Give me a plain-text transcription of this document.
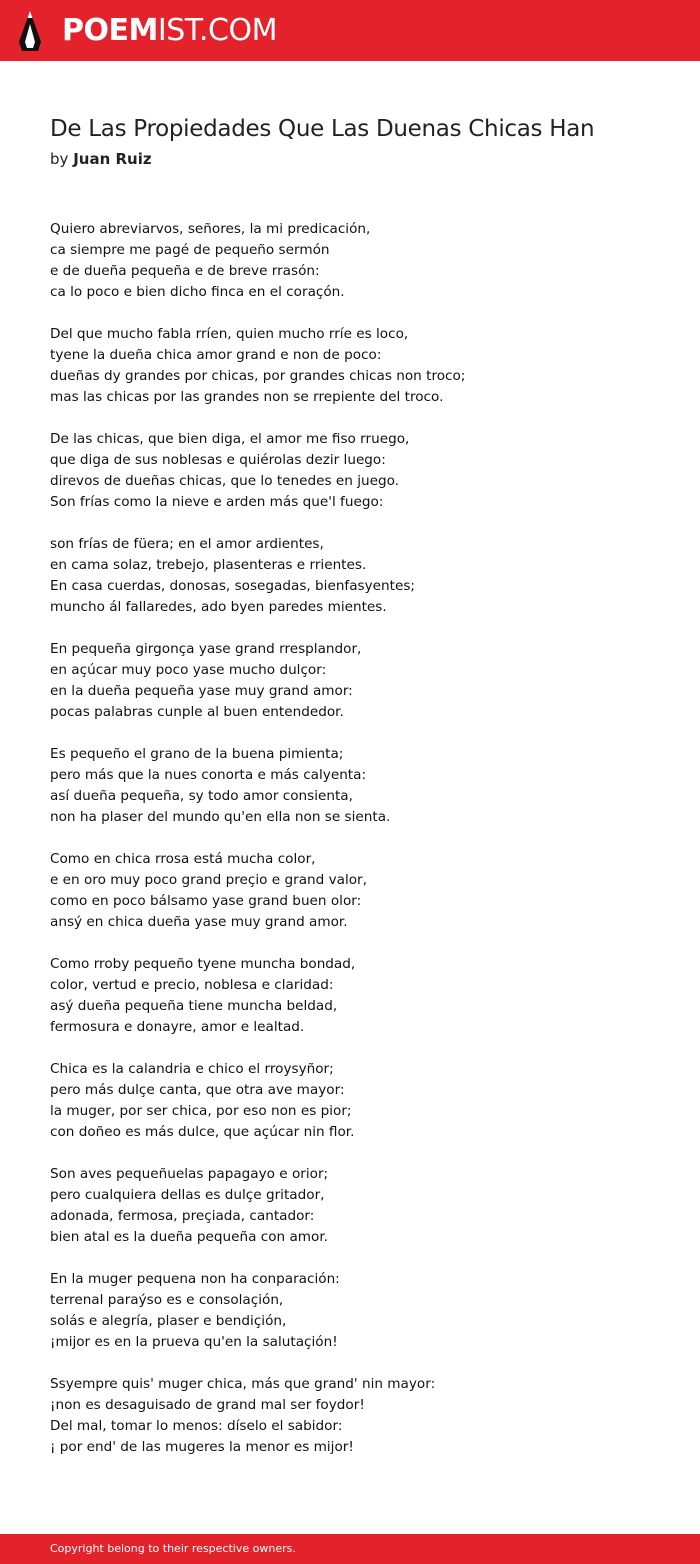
POEMIST.COM
De Las Propiedades Que Las Duenas Chicas Han
by Juan Ruiz
Quiero abreviarvos, señores, la mi predicación,
ca siempre me pagé de pequeño sermón
e de dueña pequeña e de breve rrasón:
ca lo poco e bien dicho finca en el coraçón.
Del que mucho fabla rríen, quien mucho rríe es loco,
tyene la dueña chica amor grand e non de poco:
dueñas dy grandes por chicas, por grandes chicas non troco;
mas las chicas por las grandes non se rrepiente del troco.
De las chicas, que bien diga, el amor me fiso rruego,
que diga de sus noblesas e quiérolas dezir luego:
direvos de dueñas chicas, que lo tenedes en juego.
Son frías como la nieve e arden más que'l fuego:
son frías de füera; en el amor ardientes,
en cama solaz, trebejo, plasenteras e rrientes.
En casa cuerdas, donosas, sosegadas, bienfasyentes;
muncho ál fallaredes, ado byen paredes mientes.
En pequeña girgonça yase grand rresplandor,
en açúcar muy poco yase mucho dulçor:
en la dueña pequeña yase muy grand amor:
pocas palabras cunple al buen entendedor.
Es pequeño el grano de la buena pimienta;
pero más que la nues conorta e más calyenta:
así dueña pequeña, sy todo amor consienta,
non ha plaser del mundo qu'en ella non se sienta.
Como en chica rrosa está mucha color,
e en oro muy poco grand preçio e grand valor,
como en poco bálsamo yase grand buen olor:
ansý en chica dueña yase muy grand amor.
Como rroby pequeño tyene muncha bondad,
color, vertud e precio, noblesa e claridad:
asý dueña pequeña tiene muncha beldad,
fermosura e donayre, amor e lealtad.
Chica es la calandria e chico el rroysyñor;
pero más dulçe canta, que otra ave mayor:
la muger, por ser chica, por eso non es pior;
con doñeo es más dulce, que açúcar nin flor.
Son aves pequeñuelas papagayo e orior;
pero cualquiera dellas es dulçe gritador,
adonada, fermosa, preçiada, cantador:
bien atal es la dueña pequeña con amor.
En la muger pequena non ha conparación:
terrenal paraýso es e consolaçión,
solás e alegría, plaser e bendiçión,
¡mijor es en la prueva qu'en la salutaçión!
Ssyempre quis' muger chica, más que grand' nin mayor:
¡non es desaguisado de grand mal ser foydor!
Del mal, tomar lo menos: díselo el sabidor:
¡ por end' de las mugeres la menor es mijor!
Copyright belong to their respective owners.
